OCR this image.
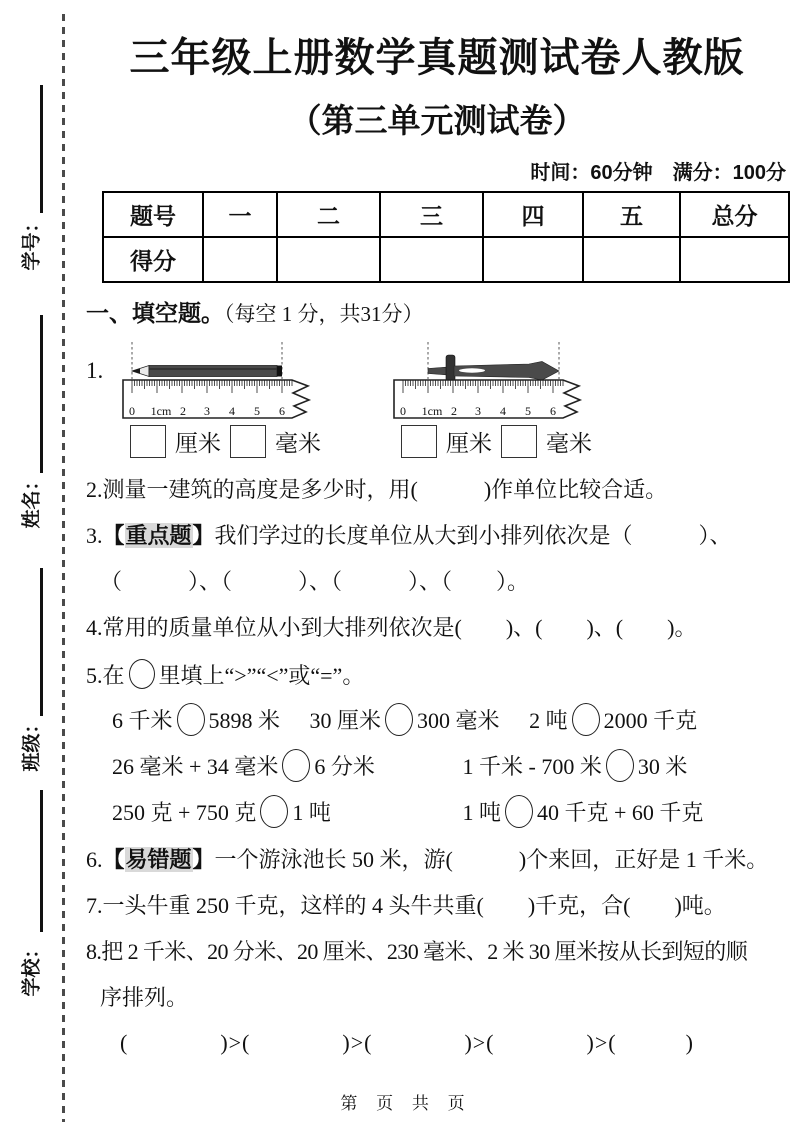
学号：
姓名：
班级：
学校：
三年级上册数学真题测试卷人教版
（第三单元测试卷）
时间：60分钟　满分：100分
题号	一	二	三	四	五	总分
得分						
一、填空题。（每空 1 分，共31分）
1.
0 1cm 2 3 4 5 6
厘米 毫米
0 1cm 2 3 4 5 6
厘米 毫米
2.测量一建筑的高度是多少时，用(　　　)作单位比较合适。
3.【重点题】我们学过的长度单位从大到小排列依次是（　　　）、
（　　　）、（　　　）、（　　　）、（　　）。
4.常用的质量单位从小到大排列依次是(　　)、(　　)、(　　)。
5.在 里填上“>”“<”或“=”。
6 千米 5898 米 30 厘米 300 毫米 2 吨 2000 千克
26 毫米 + 34 毫米 6 分米	1 千米 - 700 米 30 米
250 克 + 750 克 1 吨	1 吨 40 千克 + 60 千克
6.【易错题】一个游泳池长 50 米，游(　　　)个来回，正好是 1 千米。
7.一头牛重 250 千克，这样的 4 头牛共重(　　)千克，合(　　)吨。
8.把 2 千米、20 分米、20 厘米、230 毫米、2 米 30 厘米按从长到短的顺
序排列。
(　　　　)>(　　　　)>(　　　　)>(　　　　)>(　　　)
第 页 共 页
